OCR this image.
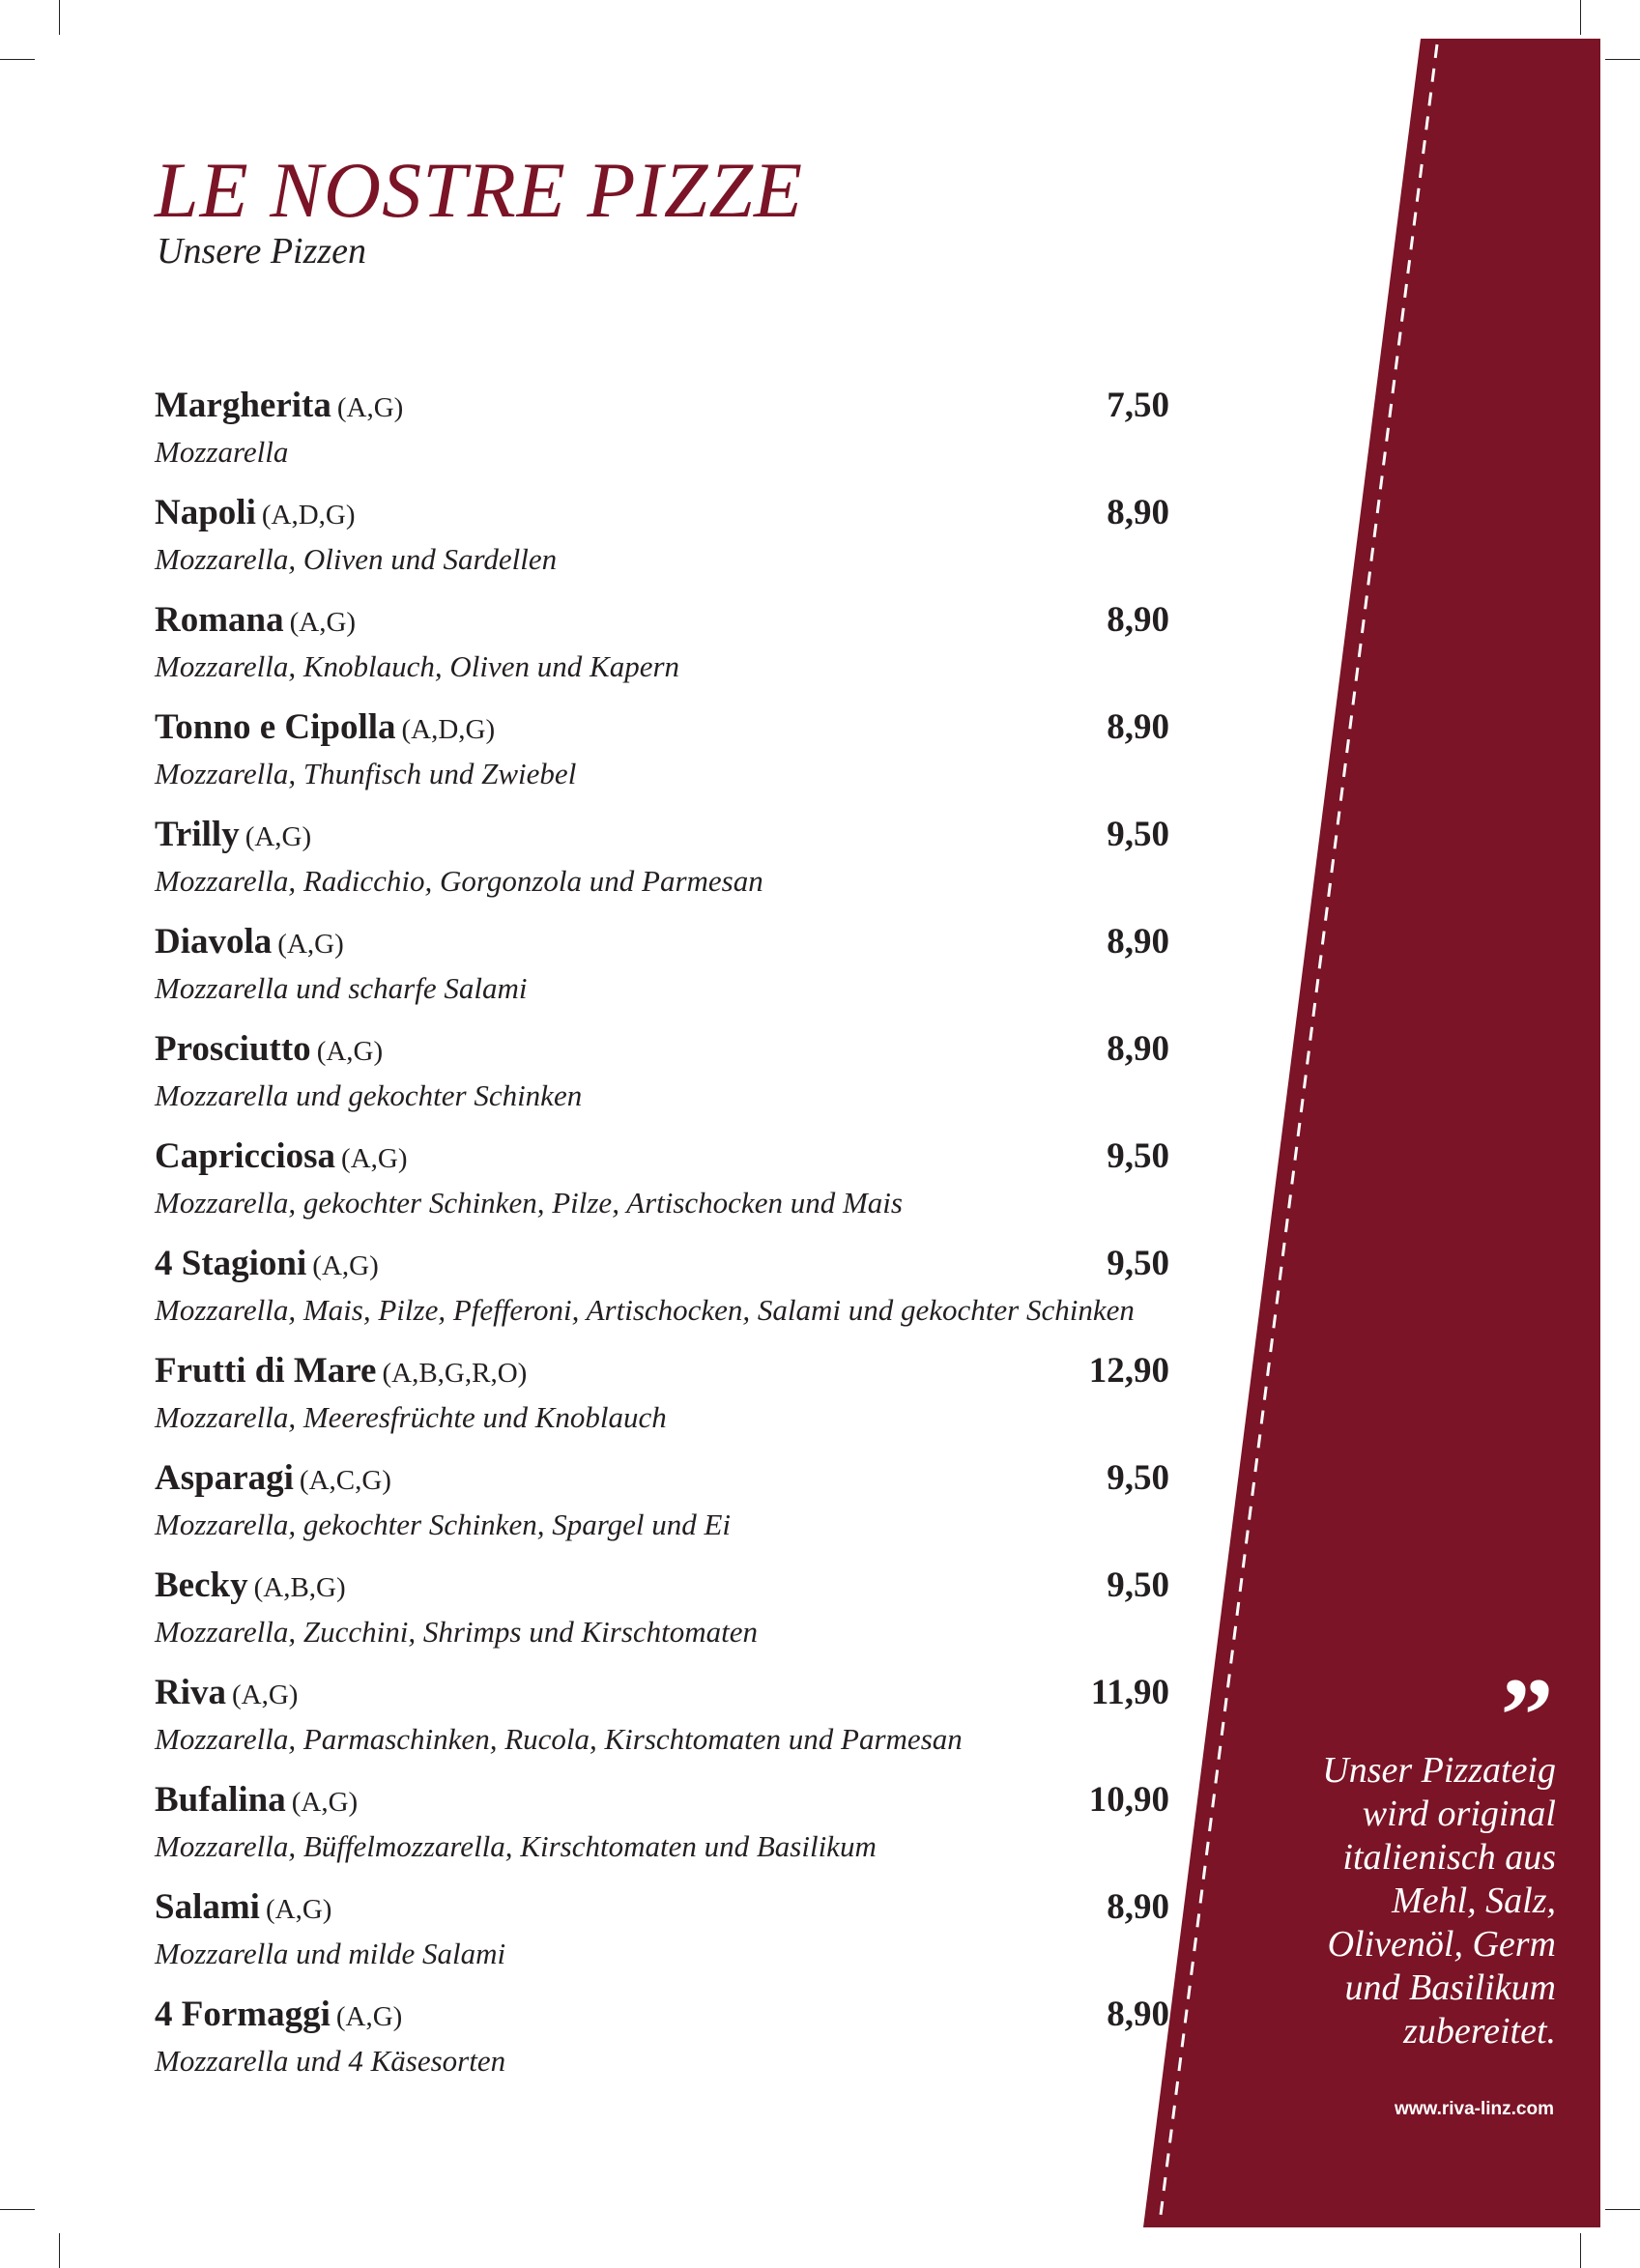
LE NOSTRE PIZZE
Unsere Pizzen
Margherita (A,G)	7,50
Mozzarella
Napoli (A,D,G)	8,90
Mozzarella, Oliven und Sardellen
Romana (A,G)	8,90
Mozzarella, Knoblauch, Oliven und Kapern
Tonno e Cipolla (A,D,G)	8,90
Mozzarella, Thunfisch und Zwiebel
Trilly (A,G)	9,50
Mozzarella, Radicchio, Gorgonzola und Parmesan
Diavola (A,G)	8,90
Mozzarella und scharfe Salami
Prosciutto (A,G)	8,90
Mozzarella und gekochter Schinken
Capricciosa (A,G)	9,50
Mozzarella, gekochter Schinken, Pilze, Artischocken und Mais
4 Stagioni (A,G)	9,50
Mozzarella, Mais, Pilze, Pfefferoni, Artischocken, Salami und gekochter Schinken
Frutti di Mare (A,B,G,R,O)	12,90
Mozzarella, Meeresfrüchte und Knoblauch
Asparagi (A,C,G)	9,50
Mozzarella, gekochter Schinken, Spargel und Ei
Becky (A,B,G)	9,50
Mozzarella, Zucchini, Shrimps und Kirschtomaten
Riva (A,G)	11,90
Mozzarella, Parmaschinken, Rucola, Kirschtomaten und Parmesan
Bufalina (A,G)	10,90
Mozzarella, Büffelmozzarella, Kirschtomaten und Basilikum
Salami (A,G)	8,90
Mozzarella und milde Salami
4 Formaggi (A,G)	8,90
Mozzarella und 4 Käsesorten
”

Unser Pizzateig
wird original
italienisch aus
Mehl, Salz,
Olivenöl, Germ
und Basilikum
zubereitet.

www.riva-linz.com
